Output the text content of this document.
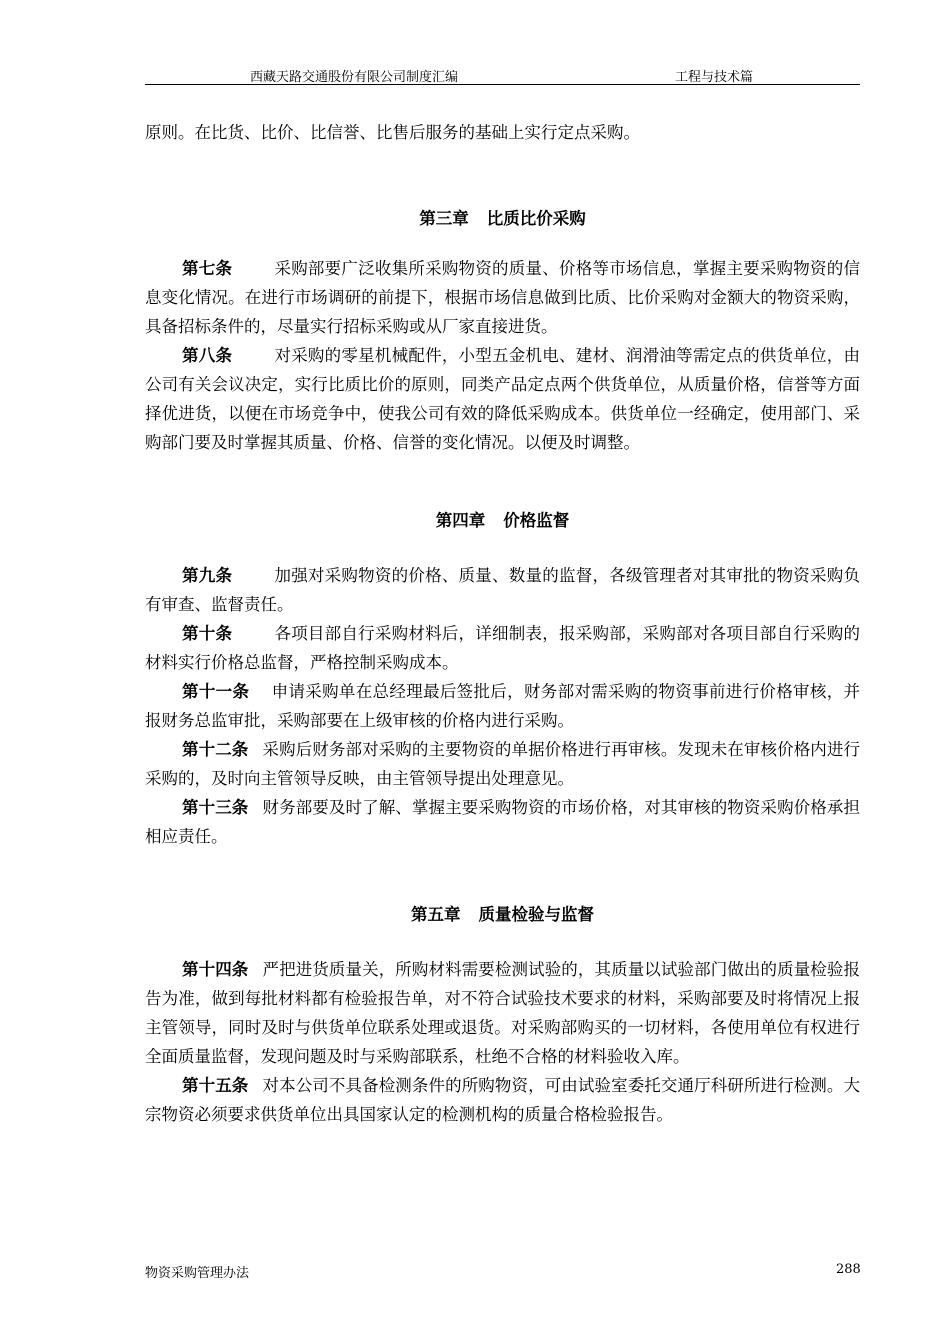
西藏天路交通股份有限公司制度汇编	工程与技术篇

原则。在比货、比价、比信誉、比售后服务的基础上实行定点采购。

第三章 比质比价采购

第七条	采购部要广泛收集所采购物资的质量、价格等市场信息，掌握主要采购物资的信息变化情况。在进行市场调研的前提下，根据市场信息做到比质、比价采购对金额大的物资采购，具备招标条件的，尽量实行招标采购或从厂家直接进货。

第八条	对采购的零星机械配件，小型五金机电、建材、润滑油等需定点的供货单位，由公司有关会议决定，实行比质比价的原则，同类产品定点两个供货单位，从质量价格，信誉等方面择优进货，以便在市场竞争中，使我公司有效的降低采购成本。供货单位一经确定，使用部门、采购部门要及时掌握其质量、价格、信誉的变化情况。以便及时调整。

第四章 价格监督

第九条	加强对采购物资的价格、质量、数量的监督，各级管理者对其审批的物资采购负有审查、监督责任。

第十条	各项目部自行采购材料后，详细制表，报采购部，采购部对各项目部自行采购的材料实行价格总监督，严格控制采购成本。

第十一条 申请采购单在总经理最后签批后，财务部对需采购的物资事前进行价格审核，并报财务总监审批，采购部要在上级审核的价格内进行采购。

第十二条 采购后财务部对采购的主要物资的单据价格进行再审核。发现未在审核价格内进行采购的，及时向主管领导反映，由主管领导提出处理意见。

第十三条 财务部要及时了解、掌握主要采购物资的市场价格，对其审核的物资采购价格承担相应责任。

第五章 质量检验与监督

第十四条 严把进货质量关，所购材料需要检测试验的，其质量以试验部门做出的质量检验报告为准，做到每批材料都有检验报告单，对不符合试验技术要求的材料，采购部要及时将情况上报主管领导，同时及时与供货单位联系处理或退货。对采购部购买的一切材料，各使用单位有权进行全面质量监督，发现问题及时与采购部联系，杜绝不合格的材料验收入库。

第十五条 对本公司不具备检测条件的所购物资，可由试验室委托交通厅科研所进行检测。大宗物资必须要求供货单位出具国家认定的检测机构的质量合格检验报告。

物资采购管理办法	288
